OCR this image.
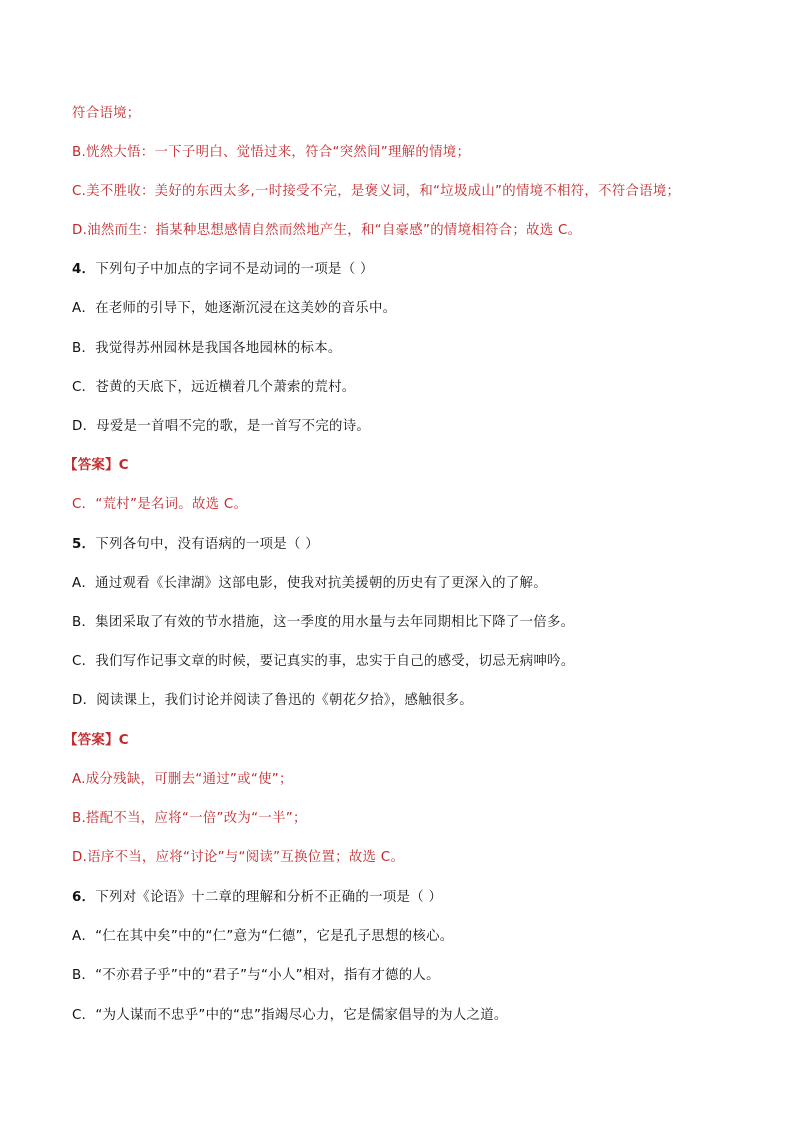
符合语境；
B.恍然大悟：一下子明白、觉悟过来，符合“突然间”理解的情境；
C.美不胜收：美好的东西太多,一时接受不完，是褒义词，和“垃圾成山”的情境不相符，不符合语境；
D.油然而生：指某种思想感情自然而然地产生，和“自豪感”的情境相符合；故选 C。
4．下列句子中加点的字词不是动词的一项是（ ）
A．在老师的引导下，她逐渐沉浸在这美妙的音乐中。
B．我觉得苏州园林是我国各地园林的标本。
C．苍黄的天底下，远近横着几个萧索的荒村。
D．母爱是一首唱不完的歌，是一首写不完的诗。
【答案】C
C．“荒村”是名词。故选 C。
5．下列各句中，没有语病的一项是（ ）
A．通过观看《长津湖》这部电影，使我对抗美援朝的历史有了更深入的了解。
B．集团采取了有效的节水措施，这一季度的用水量与去年同期相比下降了一倍多。
C．我们写作记事文章的时候，要记真实的事，忠实于自己的感受，切忌无病呻吟。
D．阅读课上，我们讨论并阅读了鲁迅的《朝花夕拾》，感触很多。
【答案】C
A.成分残缺，可删去“通过”或“使”；
B.搭配不当，应将“一倍”改为“一半”；
D.语序不当，应将“讨论”与“阅读”互换位置；故选 C。
6．下列对《论语》十二章的理解和分析不正确的一项是（ ）
A．“仁在其中矣”中的“仁”意为“仁德”，它是孔子思想的核心。
B．“不亦君子乎”中的“君子”与“小人”相对，指有才德的人。
C．“为人谋而不忠乎”中的“忠”指竭尽心力，它是儒家倡导的为人之道。
